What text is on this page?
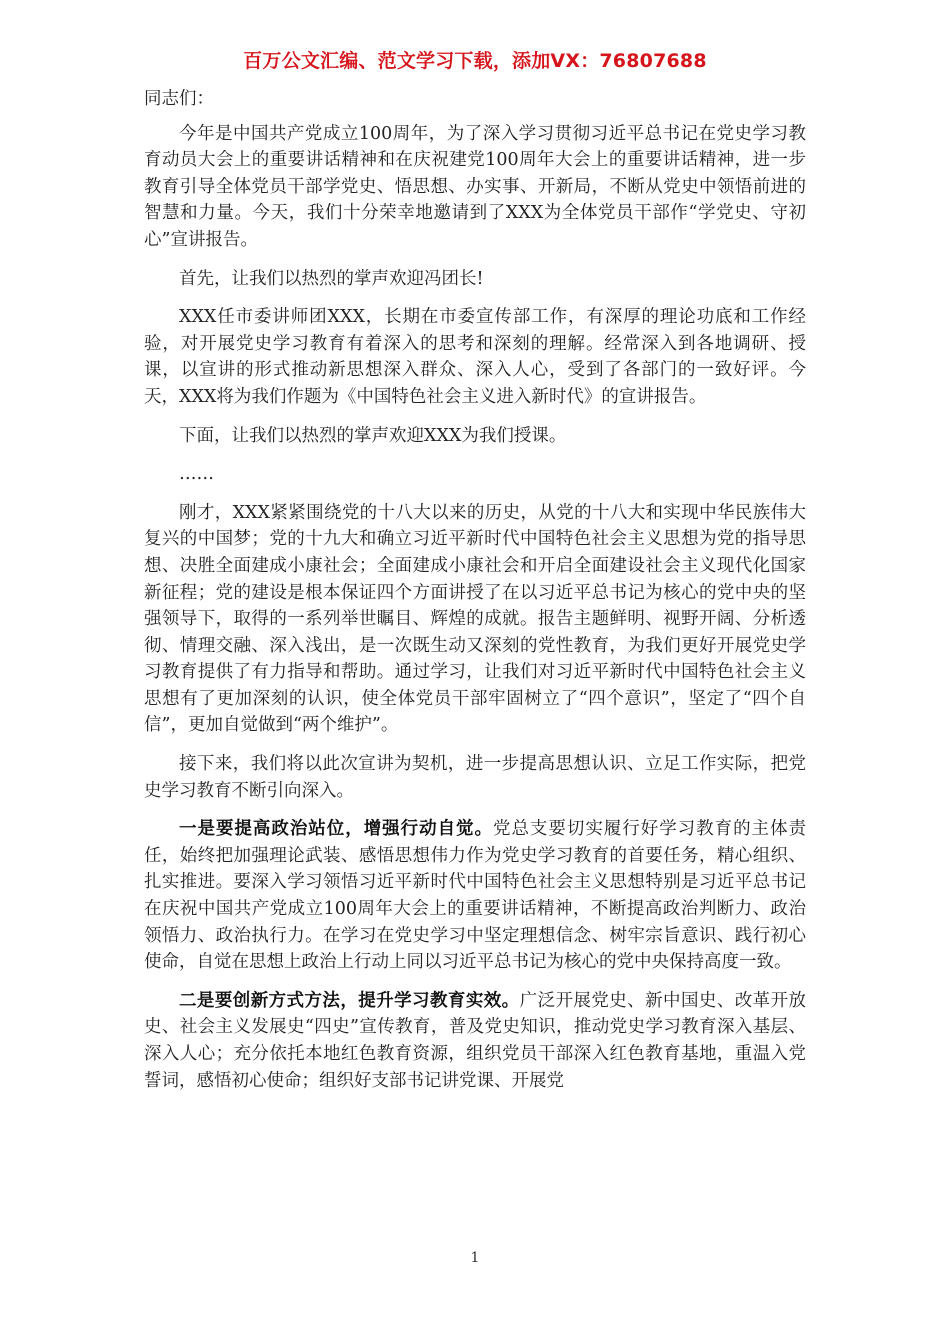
百万公文汇编、范文学习下载，添加VX：76807688

同志们：

今年是中国共产党成立100周年，为了深入学习贯彻习近平总书记在党史学习教育动员大会上的重要讲话精神和在庆祝建党100周年大会上的重要讲话精神，进一步教育引导全体党员干部学党史、悟思想、办实事、开新局，不断从党史中领悟前进的智慧和力量。今天，我们十分荣幸地邀请到了XXX为全体党员干部作“学党史、守初心”宣讲报告。

首先，让我们以热烈的掌声欢迎冯团长!

XXX任市委讲师团XXX，长期在市委宣传部工作，有深厚的理论功底和工作经验，对开展党史学习教育有着深入的思考和深刻的理解。经常深入到各地调研、授课，以宣讲的形式推动新思想深入群众、深入人心，受到了各部门的一致好评。今天，XXX将为我们作题为《中国特色社会主义进入新时代》的宣讲报告。

下面，让我们以热烈的掌声欢迎XXX为我们授课。

……

刚才，XXX紧紧围绕党的十八大以来的历史，从党的十八大和实现中华民族伟大复兴的中国梦；党的十九大和确立习近平新时代中国特色社会主义思想为党的指导思想、决胜全面建成小康社会；全面建成小康社会和开启全面建设社会主义现代化国家新征程；党的建设是根本保证四个方面讲授了在以习近平总书记为核心的党中央的坚强领导下，取得的一系列举世瞩目、辉煌的成就。报告主题鲜明、视野开阔、分析透彻、情理交融、深入浅出，是一次既生动又深刻的党性教育，为我们更好开展党史学习教育提供了有力指导和帮助。通过学习，让我们对习近平新时代中国特色社会主义思想有了更加深刻的认识，使全体党员干部牢固树立了“四个意识”，坚定了“四个自信”，更加自觉做到“两个维护”。

接下来，我们将以此次宣讲为契机，进一步提高思想认识、立足工作实际，把党史学习教育不断引向深入。

一是要提高政治站位，增强行动自觉。党总支要切实履行好学习教育的主体责任，始终把加强理论武装、感悟思想伟力作为党史学习教育的首要任务，精心组织、扎实推进。要深入学习领悟习近平新时代中国特色社会主义思想特别是习近平总书记在庆祝中国共产党成立100周年大会上的重要讲话精神，不断提高政治判断力、政治领悟力、政治执行力。在学习在党史学习中坚定理想信念、树牢宗旨意识、践行初心使命，自觉在思想上政治上行动上同以习近平总书记为核心的党中央保持高度一致。

二是要创新方式方法，提升学习教育实效。广泛开展党史、新中国史、改革开放史、社会主义发展史“四史”宣传教育，普及党史知识，推动党史学习教育深入基层、深入人心；充分依托本地红色教育资源，组织党员干部深入红色教育基地，重温入党誓词，感悟初心使命；组织好支部书记讲党课、开展党

1
